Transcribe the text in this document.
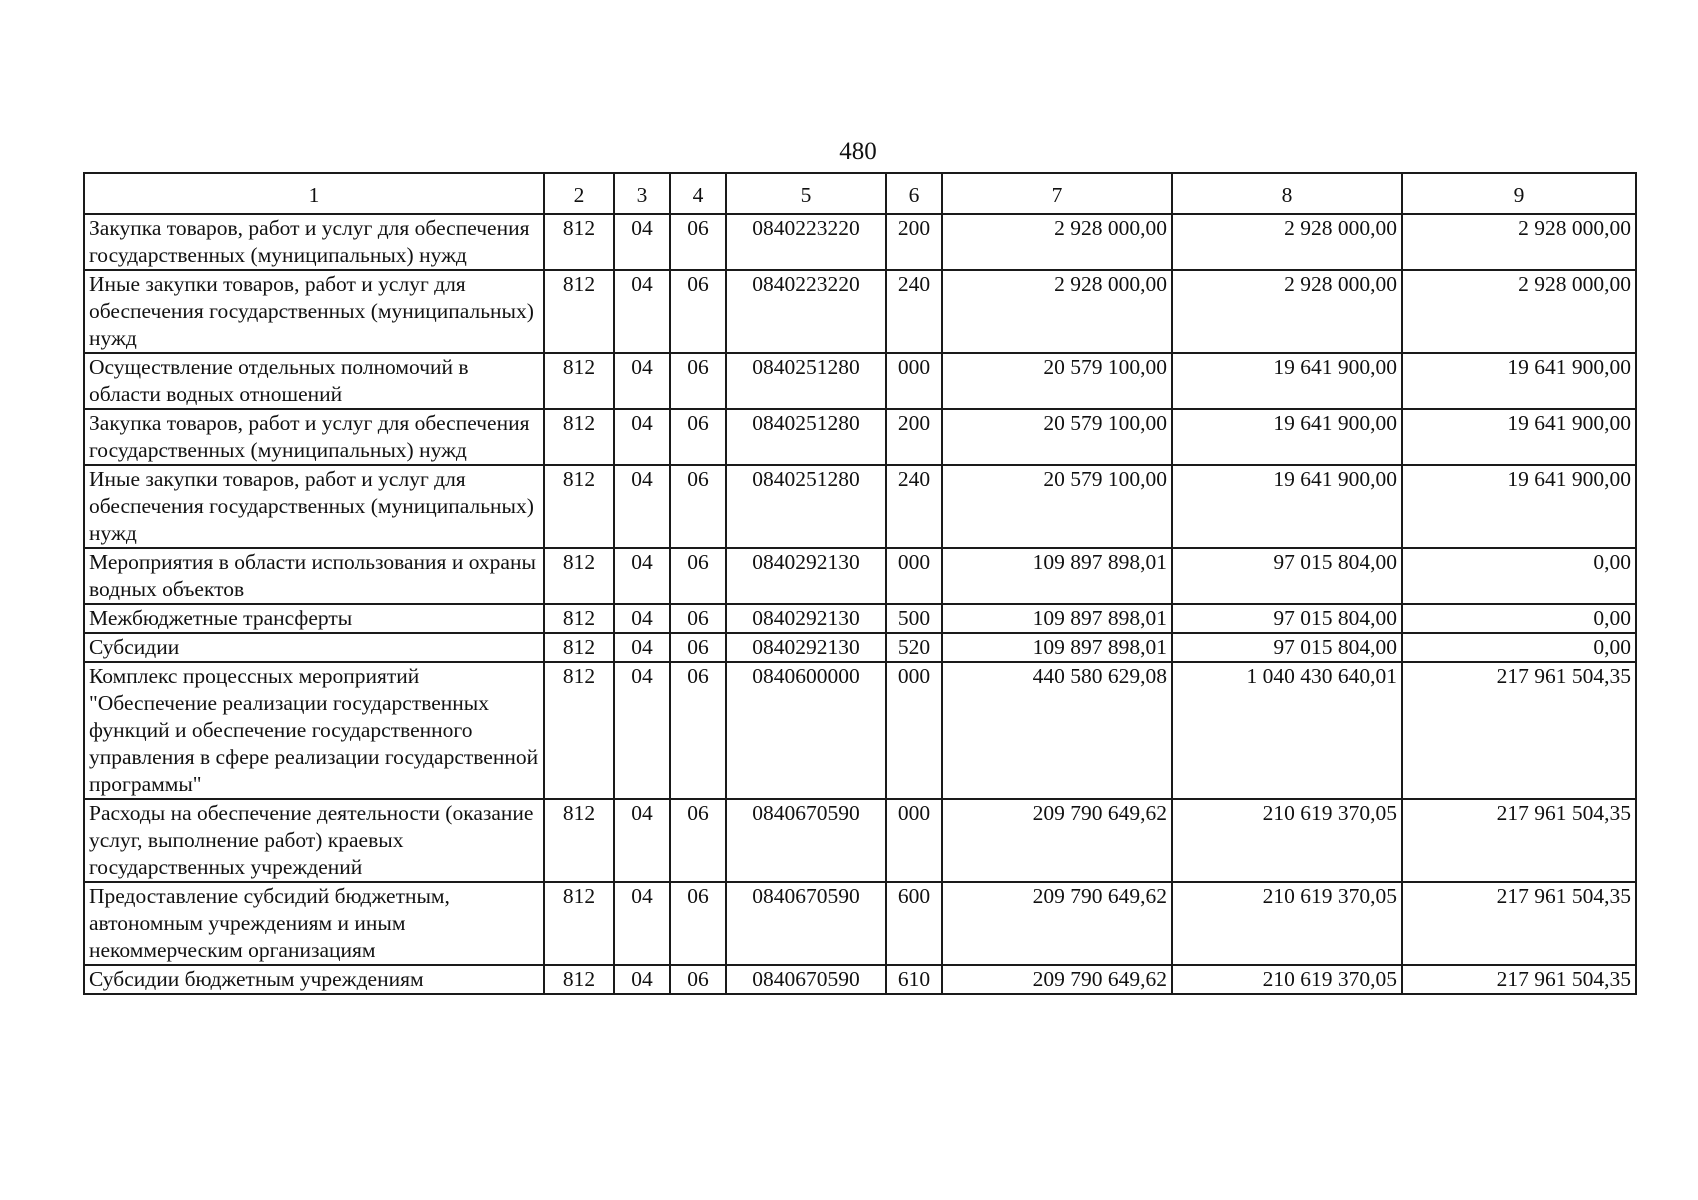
480
1	2	3	4	5	6	7	8	9
Закупка товаров, работ и услуг для обеспечения государственных (муниципальных) нужд	812	04	06	0840223220	200	2 928 000,00	2 928 000,00	2 928 000,00
Иные закупки товаров, работ и услуг для обеспечения государственных (муниципальных) нужд	812	04	06	0840223220	240	2 928 000,00	2 928 000,00	2 928 000,00
Осуществление отдельных полномочий в области водных отношений	812	04	06	0840251280	000	20 579 100,00	19 641 900,00	19 641 900,00
Закупка товаров, работ и услуг для обеспечения государственных (муниципальных) нужд	812	04	06	0840251280	200	20 579 100,00	19 641 900,00	19 641 900,00
Иные закупки товаров, работ и услуг для обеспечения государственных (муниципальных) нужд	812	04	06	0840251280	240	20 579 100,00	19 641 900,00	19 641 900,00
Мероприятия в области использования и охраны водных объектов	812	04	06	0840292130	000	109 897 898,01	97 015 804,00	0,00
Межбюджетные трансферты	812	04	06	0840292130	500	109 897 898,01	97 015 804,00	0,00
Субсидии	812	04	06	0840292130	520	109 897 898,01	97 015 804,00	0,00
Комплекс процессных мероприятий "Обеспечение реализации государственных функций и обеспечение государственного управления в сфере реализации государственной программы"	812	04	06	0840600000	000	440 580 629,08	1 040 430 640,01	217 961 504,35
Расходы на обеспечение деятельности (оказание услуг, выполнение работ) краевых государственных учреждений	812	04	06	0840670590	000	209 790 649,62	210 619 370,05	217 961 504,35
Предоставление субсидий бюджетным, автономным учреждениям и иным некоммерческим организациям	812	04	06	0840670590	600	209 790 649,62	210 619 370,05	217 961 504,35
Субсидии бюджетным учреждениям	812	04	06	0840670590	610	209 790 649,62	210 619 370,05	217 961 504,35
